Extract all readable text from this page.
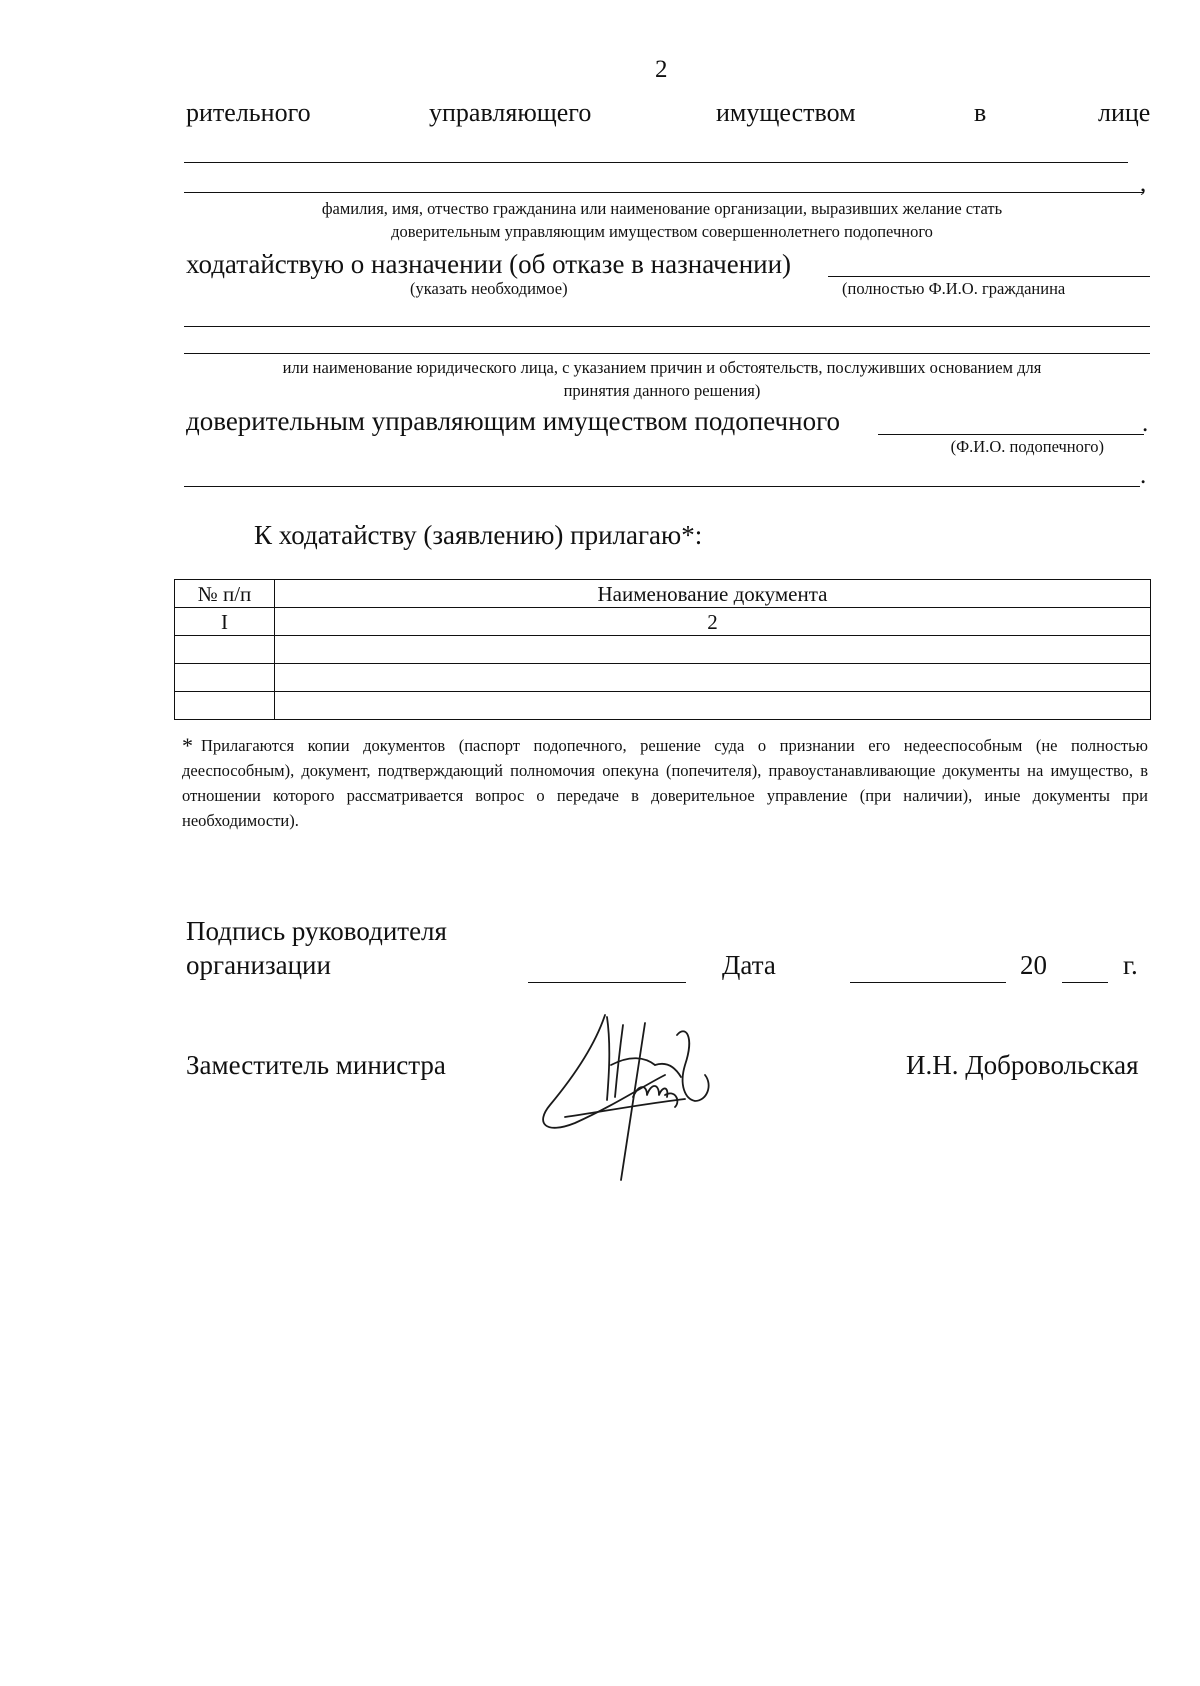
2
рительного	управляющего	имуществом	в	лице
,
фамилия, имя, отчество гражданина или наименование организации, выразивших желание стать
доверительным управляющим имуществом совершеннолетнего подопечного
ходатайствую о назначении (об отказе в назначении)
(указать необходимое)	(полностью Ф.И.О. гражданина
или наименование юридического лица, с указанием причин и обстоятельств, послуживших основанием для
принятия данного решения)
доверительным управляющим имуществом подопечного	.
(Ф.И.О. подопечного)
.
К ходатайству (заявлению) прилагаю*:
№ п/п	Наименование документа
I	2

* Прилагаются копии документов (паспорт подопечного, решение суда о признании его недееспособным (не полностью дееспособным), документ, подтверждающий полномочия опекуна (попечителя), правоустанавливающие документы на имущество, в отношении которого рассматривается вопрос о передаче в доверительное управление (при наличии), иные документы при необходимости).
Подпись руководителя
организации	Дата	20	г.
Заместитель министра	И.Н. Добровольская
